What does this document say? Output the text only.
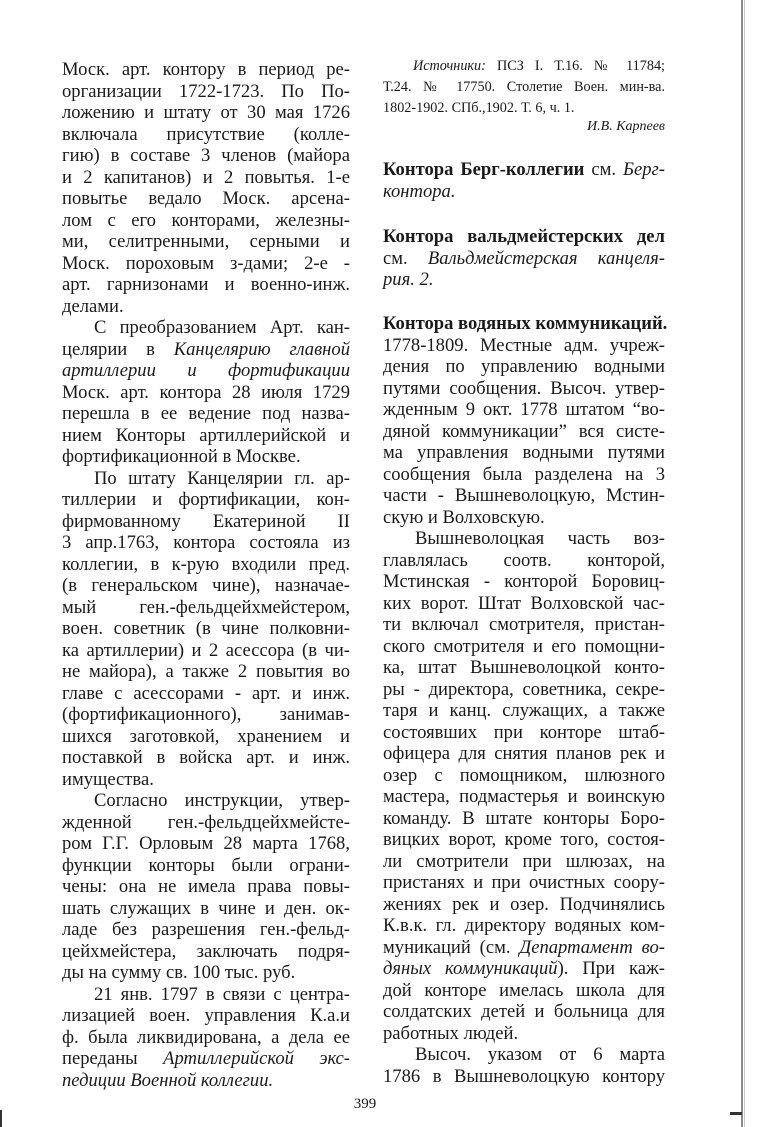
Моск. арт. контору в период ре-
организации 1722-1723. По По-
ложению и штату от 30 мая 1726
включала присутствие (колле-
гию) в составе 3 членов (майора
и 2 капитанов) и 2 повытья. 1-е
повытье ведало Моск. арсена-
лом с его конторами, железны-
ми, селитренными, серными и
Моск. пороховым з-дами; 2-е -
арт. гарнизонами и военно-инж.
делами.
С преобразованием Арт. кан-
целярии в Канцелярию главной
артиллерии и фортификации
Моск. арт. контора 28 июля 1729
перешла в ее ведение под назва-
нием Конторы артиллерийской и
фортификационной в Москве.
По штату Канцелярии гл. ар-
тиллерии и фортификации, кон-
фирмованному Екатериной II
3 апр.1763, контора состояла из
коллегии, в к-рую входили пред.
(в генеральском чине), назначае-
мый ген.-фельдцейхмейстером,
воен. советник (в чине полковни-
ка артиллерии) и 2 асессора (в чи-
не майора), а также 2 повытия во
главе с асессорами - арт. и инж.
(фортификационного), занимав-
шихся заготовкой, хранением и
поставкой в войска арт. и инж.
имущества.
Согласно инструкции, утвер-
жденной ген.-фельдцейхмейсте-
ром Г.Г. Орловым 28 марта 1768,
функции конторы были ограни-
чены: она не имела права повы-
шать служащих в чине и ден. ок-
ладе без разрешения ген.-фельд-
цейхмейстера, заключать подря-
ды на сумму св. 100 тыс. руб.
21 янв. 1797 в связи с центра-
лизацией воен. управления К.а.и
ф. была ликвидирована, а дела ее
переданы Артиллерийской экс-
педиции Военной коллегии.
Источники: ПСЗ I. Т.16. № 11784;
Т.24. № 17750. Столетие Воен. мин-ва.
1802-1902. СПб.,1902. Т. 6, ч. 1.
И.В. Карпеев
Контора Берг-коллегии см. Берг-
контора.
Контора вальдмейстерских дел
см. Вальдмейстерская канцеля-
рия. 2.
Контора водяных коммуникаций.
1778-1809. Местные адм. учреж-
дения по управлению водными
путями сообщения. Высоч. утвер-
жденным 9 окт. 1778 штатом “во-
дяной коммуникации” вся систе-
ма управления водными путями
сообщения была разделена на 3
части - Вышневолоцкую, Мстин-
скую и Волховскую.
Вышневолоцкая часть воз-
главлялась соотв. конторой,
Мстинская - конторой Боровиц-
ких ворот. Штат Волховской час-
ти включал смотрителя, пристан-
ского смотрителя и его помощни-
ка, штат Вышневолоцкой конто-
ры - директора, советника, секре-
таря и канц. служащих, а также
состоявших при конторе штаб-
офицера для снятия планов рек и
озер с помощником, шлюзного
мастера, подмастерья и воинскую
команду. В штате конторы Боро-
вицких ворот, кроме того, состоя-
ли смотрители при шлюзах, на
пристанях и при очистных соору-
жениях рек и озер. Подчинялись
К.в.к. гл. директору водяных ком-
муникаций (см. Департамент во-
дяных коммуникаций). При каж-
дой конторе имелась школа для
солдатских детей и больница для
работных людей.
Высоч. указом от 6 марта
1786 в Вышневолоцкую контору
399
